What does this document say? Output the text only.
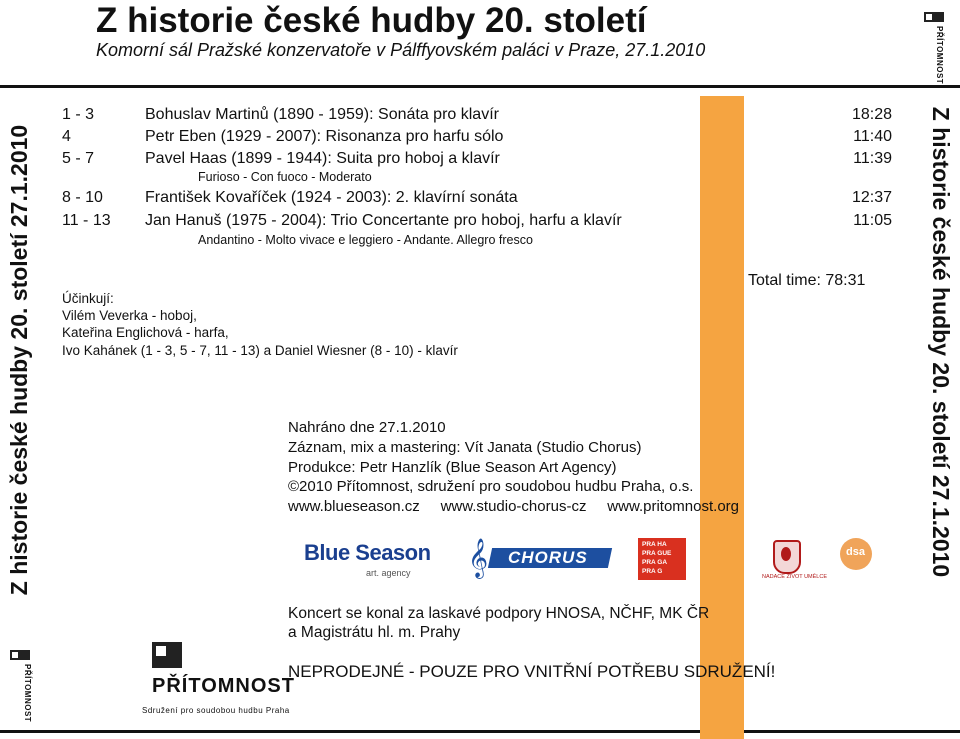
Z historie české hudby 20. století
Komorní sál Pražské konzervatoře v Pálffyovském paláci v Praze, 27.1.2010	PŘÍTOMNOST
Z historie české hudby 20. století 27.1.2010	Z historie české hudby 20. století 27.1.2010
1 - 3	Bohuslav Martinů (1890 - 1959): Sonáta pro klavír	18:28
4	Petr Eben (1929 - 2007): Risonanza pro harfu sólo	11:40
5 - 7	Pavel Haas (1899 - 1944): Suita pro hoboj a klavír	11:39
Furioso - Con fuoco - Moderato
8 - 10	František Kovaříček (1924 - 2003): 2. klavírní sonáta	12:37
11 - 13 Jan Hanuš (1975 - 2004): Trio Concertante pro hoboj, harfu a klavír	11:05
Andantino - Molto vivace e leggiero - Andante. Allegro fresco
Total time: 78:31
Účinkují:
Vilém Veverka - hoboj,
Kateřina Englichová - harfa,
Ivo Kahánek (1 - 3, 5 - 7, 11 - 13) a Daniel Wiesner (8 - 10) - klavír
Nahráno dne 27.1.2010
Záznam, mix a mastering: Vít Janata (Studio Chorus)
Produkce: Petr Hanzlík (Blue Season Art Agency)
©2010 Přítomnost, sdružení pro soudobou hudbu Praha, o.s.
www.blueseason.cz     www.studio-chorus-cz     www.pritomnost.org
Blue Season
art. agency 𝄞 CHORUS
PRA HA
PRA GUE
PRA GA
PRA G
NADACE ŽIVOT UMĚLCE
dsa
Koncert se konal za laskavé podpory HNOSA, NČHF, MK ČR
a Magistrátu hl. m. Prahy
NEPRODEJNÉ - POUZE PRO VNITŘNÍ POTŘEBU SDRUŽENÍ!
PŘÍTOMNOST	PŘÍTOMNOST
Sdružení pro soudobou hudbu Praha
